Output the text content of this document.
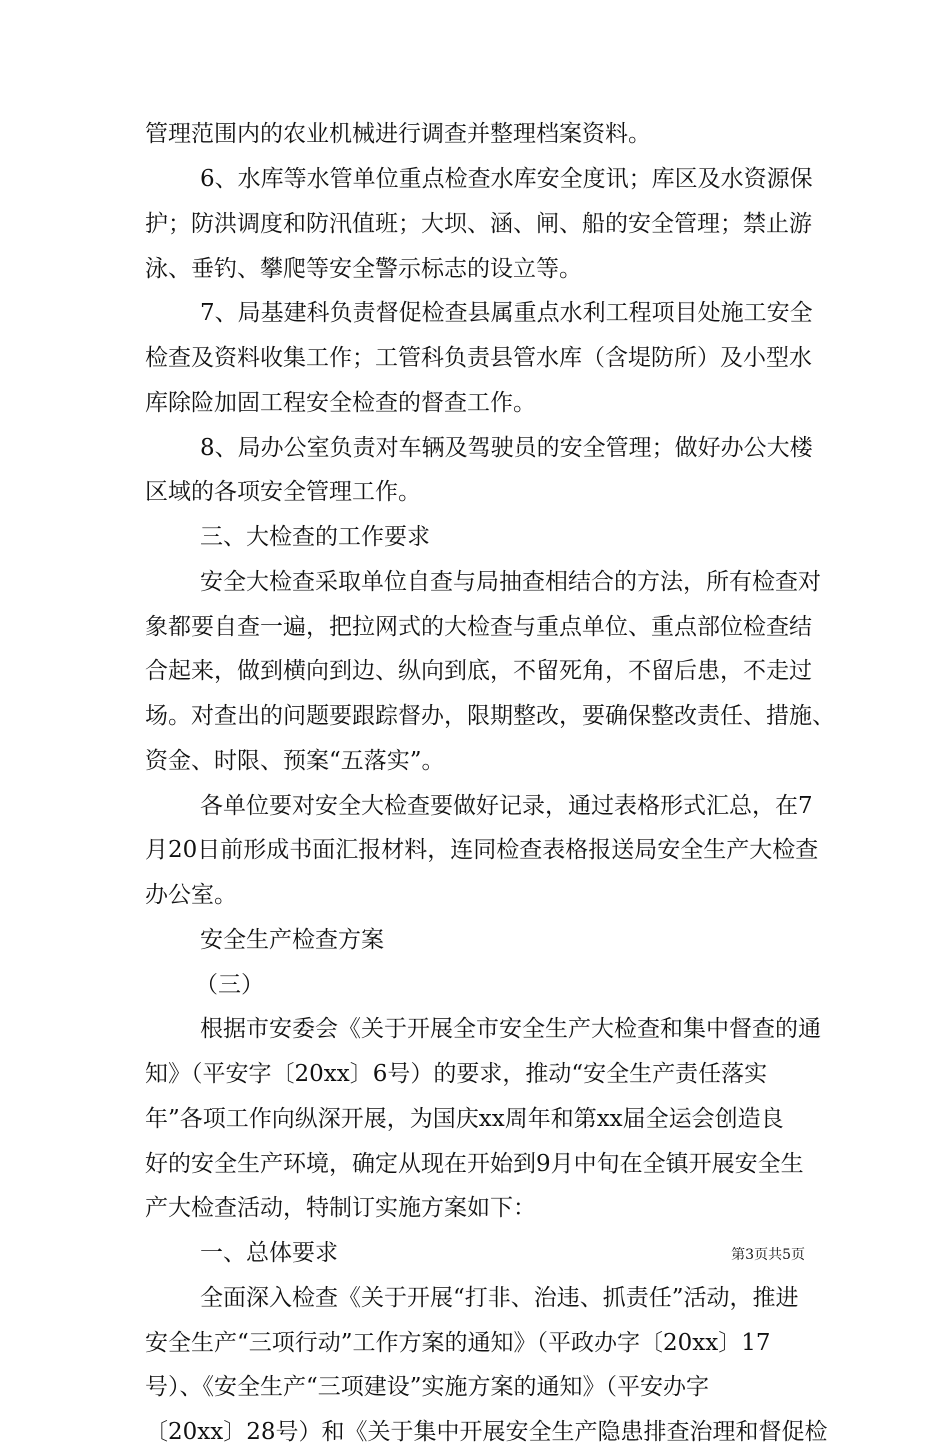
管理范围内的农业机械进行调查并整理档案资料。
6、水库等水管单位重点检查水库安全度讯；库区及水资源保
护；防洪调度和防汛值班；大坝、涵、闸、船的安全管理；禁止游
泳、垂钓、攀爬等安全警示标志的设立等。
7、局基建科负责督促检查县属重点水利工程项目处施工安全
检查及资料收集工作；工管科负责县管水库（含堤防所）及小型水
库除险加固工程安全检查的督查工作。
8、局办公室负责对车辆及驾驶员的安全管理；做好办公大楼
区域的各项安全管理工作。
三、大检查的工作要求
安全大检查采取单位自查与局抽查相结合的方法，所有检查对
象都要自查一遍，把拉网式的大检查与重点单位、重点部位检查结
合起来，做到横向到边、纵向到底，不留死角，不留后患，不走过
场。对查出的问题要跟踪督办，限期整改，要确保整改责任、措施、
资金、时限、预案“五落实”。
各单位要对安全大检查要做好记录，通过表格形式汇总，在7
月20日前形成书面汇报材料，连同检查表格报送局安全生产大检查
办公室。
安全生产检查方案
（三）
根据市安委会《关于开展全市安全生产大检查和集中督查的通
知》（平安字〔20xx〕6号）的要求，推动“安全生产责任落实
年”各项工作向纵深开展，为国庆xx周年和第xx届全运会创造良
好的安全生产环境，确定从现在开始到9月中旬在全镇开展安全生
产大检查活动，特制订实施方案如下：
一、总体要求
全面深入检查《关于开展“打非、治违、抓责任”活动，推进
安全生产“三项行动”工作方案的通知》（平政办字〔20xx〕17
号）、《安全生产“三项建设”实施方案的通知》（平安办字
〔20xx〕28号）和《关于集中开展安全生产隐患排查治理和督促检
第3页共5页
